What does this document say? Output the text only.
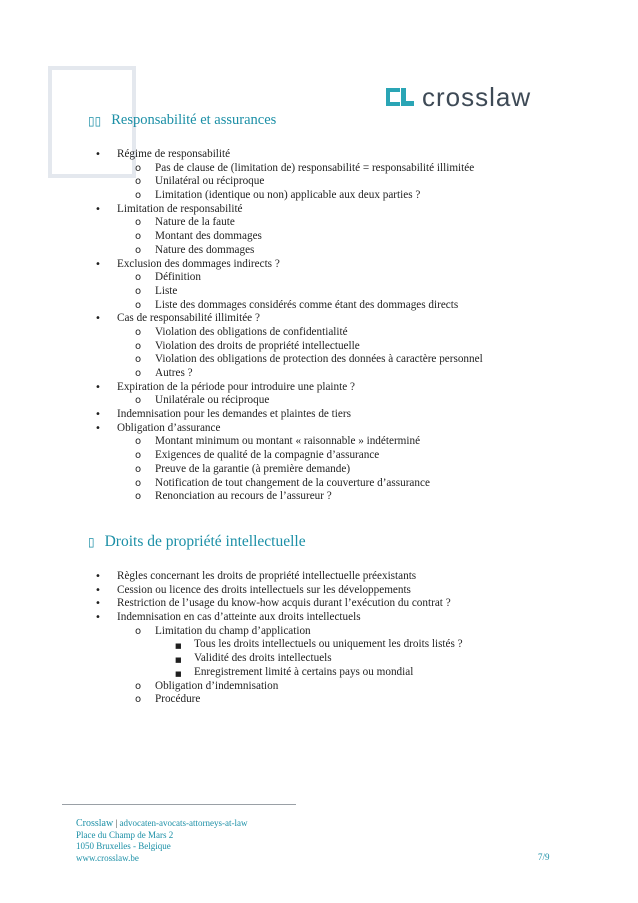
crosslaw
▯▯ Responsabilité et assurances
• Régime de responsabilité
o Pas de clause de (limitation de) responsabilité = responsabilité illimitée
o Unilatéral ou réciproque
o Limitation (identique ou non) applicable aux deux parties ?
• Limitation de responsabilité
o Nature de la faute
o Montant des dommages
o Nature des dommages
• Exclusion des dommages indirects ?
o Définition
o Liste
o Liste des dommages considérés comme étant des dommages directs
• Cas de responsabilité illimitée ?
o Violation des obligations de confidentialité
o Violation des droits de propriété intellectuelle
o Violation des obligations de protection des données à caractère personnel
o Autres ?
• Expiration de la période pour introduire une plainte ?
o Unilatérale ou réciproque
• Indemnisation pour les demandes et plaintes de tiers
• Obligation d’assurance
o Montant minimum ou montant « raisonnable » indéterminé
o Exigences de qualité de la compagnie d’assurance
o Preuve de la garantie (à première demande)
o Notification de tout changement de la couverture d’assurance
o Renonciation au recours de l’assureur ?
▯ Droits de propriété intellectuelle
• Règles concernant les droits de propriété intellectuelle préexistants
• Cession ou licence des droits intellectuels sur les développements
• Restriction de l’usage du know-how acquis durant l’exécution du contrat ?
• Indemnisation en cas d’atteinte aux droits intellectuels
o Limitation du champ d’application
■ Tous les droits intellectuels ou uniquement les droits listés ?
■ Validité des droits intellectuels
■ Enregistrement limité à certains pays ou mondial
o Obligation d’indemnisation
o Procédure
Crosslaw | advocaten-avocats-attorneys-at-law
Place du Champ de Mars 2
1050 Bruxelles - Belgique
www.crosslaw.be	7/9
